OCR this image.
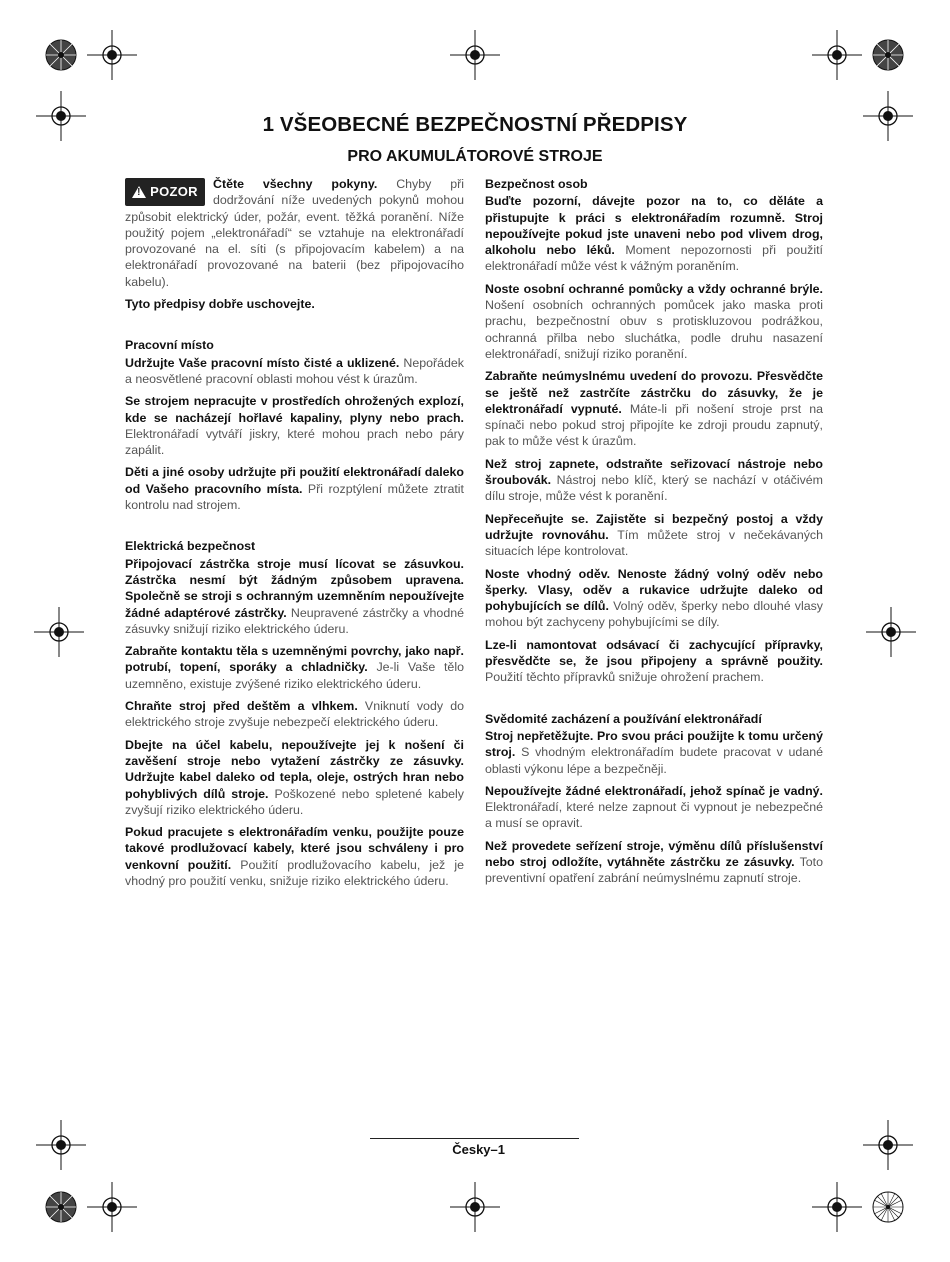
1 VŠEOBECNÉ BEZPEČNOSTNÍ PŘEDPISY
PRO AKUMULÁTOROVÉ STROJE

! POZOR Čtěte všechny pokyny. Chyby při dodržování níže uvedených pokynů mohou způsobit elektrický úder, požár, event. těžká poranění. Níže použitý pojem „elektronářadí“ se vztahuje na elektronářadí provozované na el. síti (s připojovacím kabelem) a na elektronářadí provozované na baterii (bez připojovacího kabelu).

Tyto předpisy dobře uschovejte.

Pracovní místo

Udržujte Vaše pracovní místo čisté a uklizené. Nepořádek a neosvětlené pracovní oblasti mohou vést k úrazům.

Se strojem nepracujte v prostředích ohrožených explozí, kde se nacházejí hořlavé kapaliny, plyny nebo prach. Elektronářadí vytváří jiskry, které mohou prach nebo páry zapálit.

Děti a jiné osoby udržujte při použití elektronářadí daleko od Vašeho pracovního místa. Při rozptýlení můžete ztratit kontrolu nad strojem.

Elektrická bezpečnost

Připojovací zástrčka stroje musí lícovat se zásuvkou. Zástrčka nesmí být žádným způsobem upravena. Společně se stroji s ochranným uzemněním nepoužívejte žádné adaptérové zástrčky. Neupravené zástrčky a vhodné zásuvky snižují riziko elektrického úderu.

Zabraňte kontaktu těla s uzemněnými povrchy, jako např. potrubí, topení, sporáky a chladničky. Je-li Vaše tělo uzemněno, existuje zvýšené riziko elektrického úderu.

Chraňte stroj před deštěm a vlhkem. Vniknutí vody do elektrického stroje zvyšuje nebezpečí elektrického úderu.

Dbejte na účel kabelu, nepoužívejte jej k nošení či zavěšení stroje nebo vytažení zástrčky ze zásuvky. Udržujte kabel daleko od tepla, oleje, ostrých hran nebo pohyblivých dílů stroje. Poškozené nebo spletené kabely zvyšují riziko elektrického úderu.

Pokud pracujete s elektronářadím venku, použijte pouze takové prodlužovací kabely, které jsou schváleny i pro venkovní použití. Použití prodlužovacího kabelu, jež je vhodný pro použití venku, snižuje riziko elektrického úderu.

Bezpečnost osob

Buďte pozorní, dávejte pozor na to, co děláte a přistupujte k práci s elektronářadím rozumně. Stroj nepoužívejte pokud jste unaveni nebo pod vlivem drog, alkoholu nebo léků. Moment nepozornosti při použití elektronářadí může vést k vážným poraněním.

Noste osobní ochranné pomůcky a vždy ochranné brýle. Nošení osobních ochranných pomůcek jako maska proti prachu, bezpečnostní obuv s protiskluzovou podrážkou, ochranná přilba nebo sluchátka, podle druhu nasazení elektronářadí, snižují riziko poranění.

Zabraňte neúmyslnému uvedení do provozu. Přesvědčte se ještě než zastrčíte zástrčku do zásuvky, že je elektronářadí vypnuté. Máte-li při nošení stroje prst na spínači nebo pokud stroj připojíte ke zdroji proudu zapnutý, pak to může vést k úrazům.

Než stroj zapnete, odstraňte seřizovací nástroje nebo šroubovák. Nástroj nebo klíč, který se nachází v otáčivém dílu stroje, může vést k poranění.

Nepřeceňujte se. Zajistěte si bezpečný postoj a vždy udržujte rovnováhu. Tím můžete stroj v nečekávaných situacích lépe kontrolovat.

Noste vhodný oděv. Nenoste žádný volný oděv nebo šperky. Vlasy, oděv a rukavice udržujte daleko od pohybujících se dílů. Volný oděv, šperky nebo dlouhé vlasy mohou být zachyceny pohybujícími se díly.

Lze-li namontovat odsávací či zachycující přípravky, přesvědčte se, že jsou připojeny a správně použity. Použití těchto přípravků snižuje ohrožení prachem.

Svědomité zacházení a používání elektronářadí

Stroj nepřetěžujte. Pro svou práci použijte k tomu určený stroj. S vhodným elektronářadím budete pracovat v udané oblasti výkonu lépe a bezpečněji.

Nepoužívejte žádné elektronářadí, jehož spínač je vadný. Elektronářadí, které nelze zapnout či vypnout je nebezpečné a musí se opravit.

Než provedete seřízení stroje, výměnu dílů příslušenství nebo stroj odložíte, vytáhněte zástrčku ze zásuvky. Toto preventivní opatření zabrání neúmyslnému zapnutí stroje.

Česky–1
